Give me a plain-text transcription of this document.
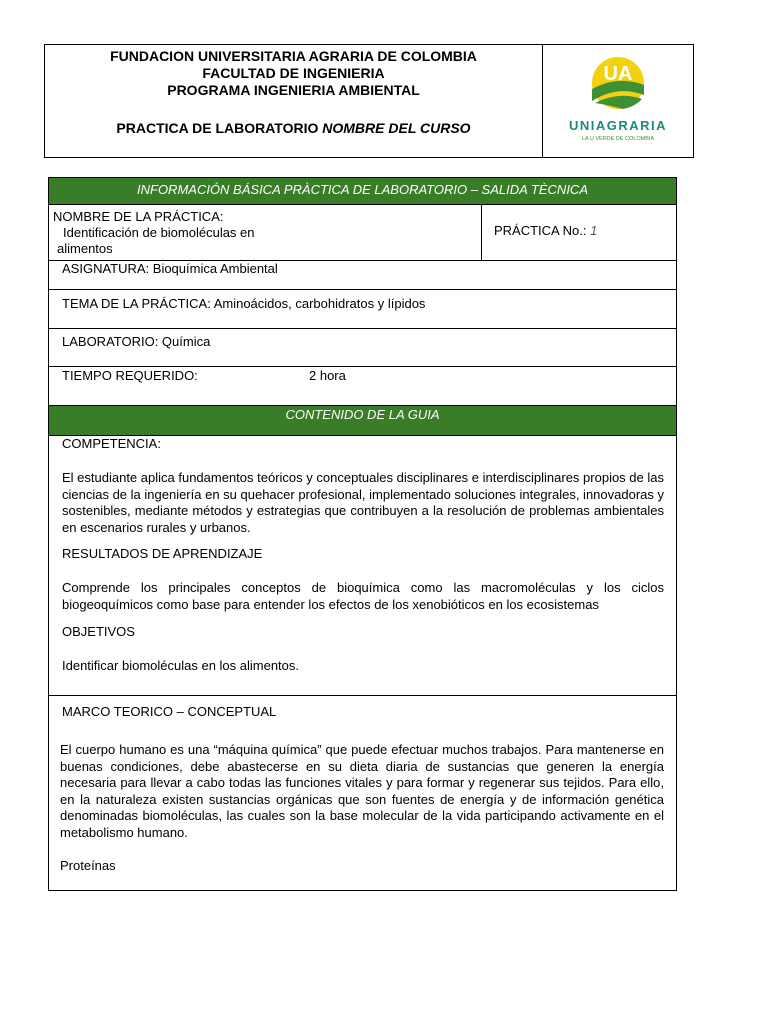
FUNDACION UNIVERSITARIA AGRARIA DE COLOMBIA
FACULTAD DE INGENIERIA
PROGRAMA INGENIERIA AMBIENTAL
PRACTICA DE LABORATORIO NOMBRE DEL CURSO
UA
UNIAGRARIA
LA U VERDE DE COLOMBIA
INFORMACIÓN BÁSICA PRÀCTICA DE LABORATORIO – SALIDA TÈCNICA
NOMBRE DE LA PRÁCTICA:
Identificación de biomoléculas en
alimentos
PRÁCTICA No.: 1
ASIGNATURA: Bioquímica Ambiental
TEMA DE LA PRÁCTICA: Aminoácidos, carbohidratos y lípidos
LABORATORIO: Química
TIEMPO REQUERIDO:	2 hora
CONTENIDO DE LA GUIA
COMPETENCIA:
El estudiante aplica fundamentos teóricos y conceptuales disciplinares e interdisciplinares propios de las ciencias de la ingeniería en su quehacer profesional, implementado soluciones integrales, innovadoras y sostenibles, mediante métodos y estrategias que contribuyen a la resolución de problemas ambientales en escenarios rurales y urbanos.
RESULTADOS DE APRENDIZAJE
Comprende los principales conceptos de bioquímica como las macromoléculas y los ciclos biogeoquímicos como base para entender los efectos de los xenobióticos en los ecosistemas
OBJETIVOS
Identificar biomoléculas en los alimentos.
MARCO TEORICO – CONCEPTUAL
El cuerpo humano es una “máquina química” que puede efectuar muchos trabajos. Para mantenerse en buenas condiciones, debe abastecerse en su dieta diaria de sustancias que generen la energía necesaria para llevar a cabo todas las funciones vitales y para formar y regenerar sus tejidos. Para ello, en la naturaleza existen sustancias orgánicas que son fuentes de energía y de información genética denominadas biomoléculas, las cuales son la base molecular de la vida participando activamente en el metabolismo humano.
Proteínas
